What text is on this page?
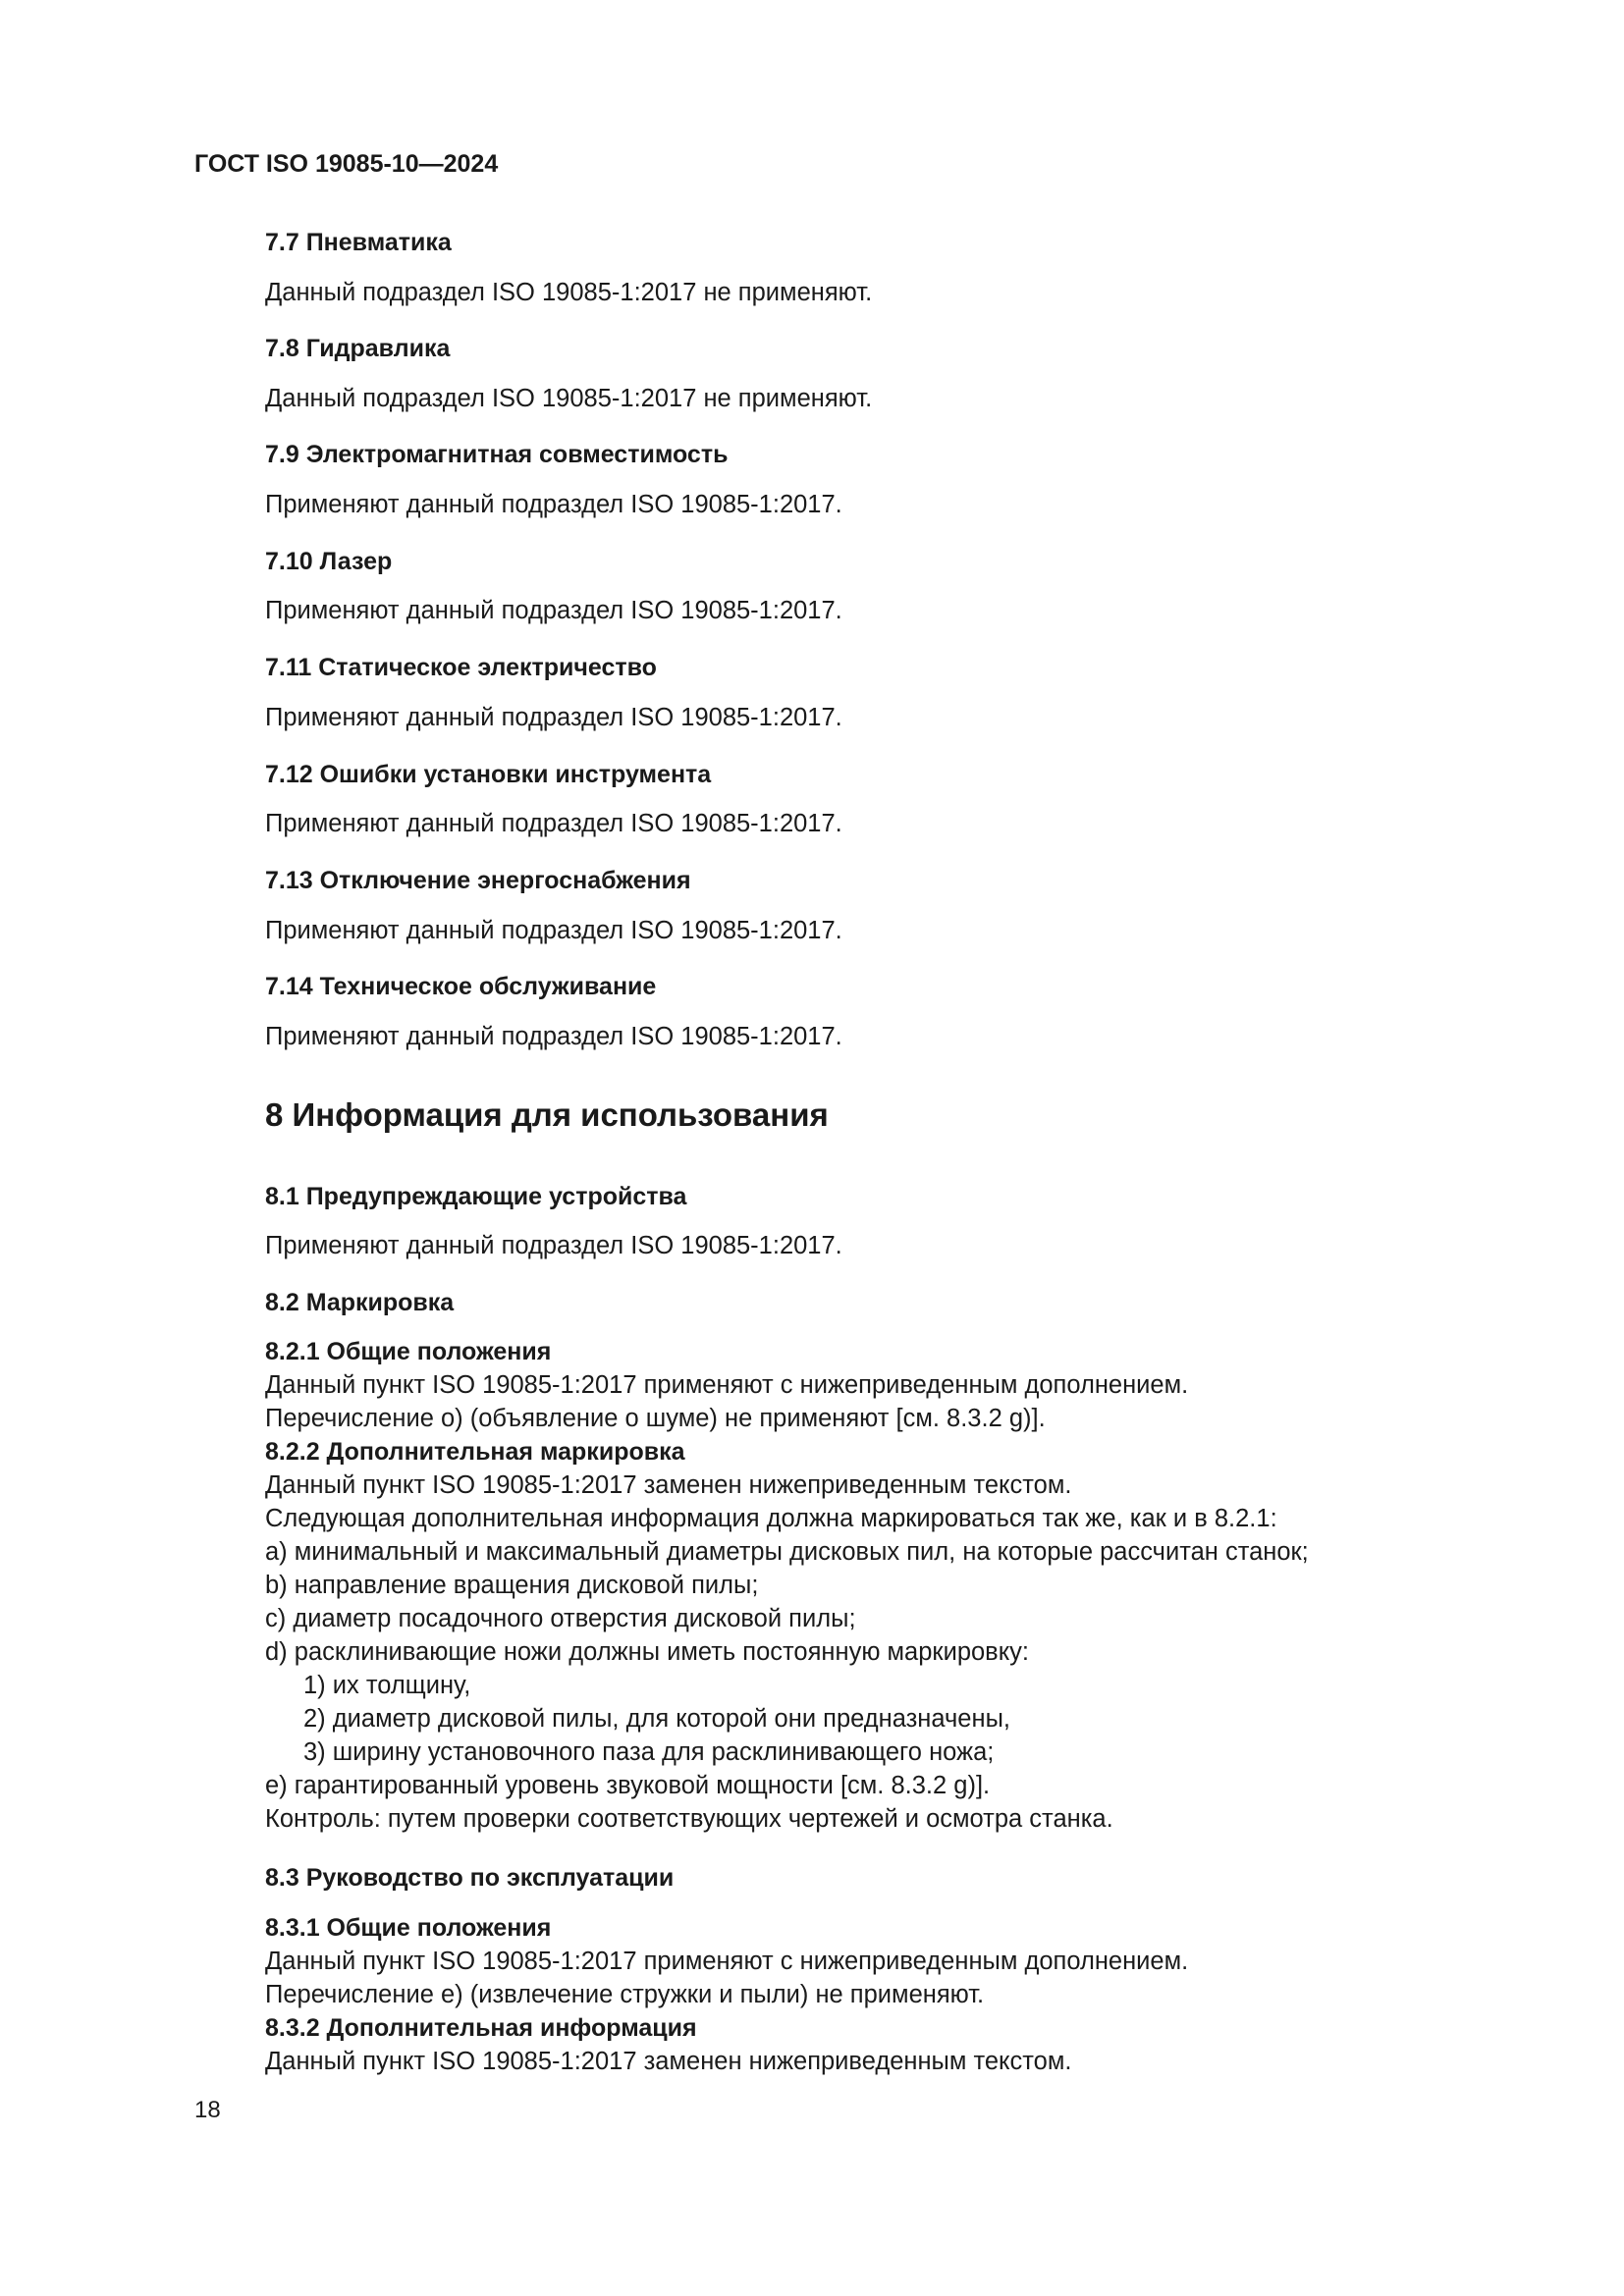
ГОСТ ISO 19085-10—2024
7.7 Пневматика
Данный подраздел ISO 19085-1:2017 не применяют.
7.8 Гидравлика
Данный подраздел ISO 19085-1:2017 не применяют.
7.9 Электромагнитная совместимость
Применяют данный подраздел ISO 19085-1:2017.
7.10 Лазер
Применяют данный подраздел ISO 19085-1:2017.
7.11 Статическое электричество
Применяют данный подраздел ISO 19085-1:2017.
7.12 Ошибки установки инструмента
Применяют данный подраздел ISO 19085-1:2017.
7.13 Отключение энергоснабжения
Применяют данный подраздел ISO 19085-1:2017.
7.14 Техническое обслуживание
Применяют данный подраздел ISO 19085-1:2017.
8 Информация для использования
8.1 Предупреждающие устройства
Применяют данный подраздел ISO 19085-1:2017.
8.2 Маркировка
8.2.1 Общие положения
Данный пункт ISO 19085-1:2017 применяют с нижеприведенным дополнением.
Перечисление о) (объявление о шуме) не применяют [см. 8.3.2 g)].
8.2.2 Дополнительная маркировка
Данный пункт ISO 19085-1:2017 заменен нижеприведенным текстом.
Следующая дополнительная информация должна маркироваться так же, как и в 8.2.1:
a) минимальный и максимальный диаметры дисковых пил, на которые рассчитан станок;
b) направление вращения дисковой пилы;
c) диаметр посадочного отверстия дисковой пилы;
d) расклинивающие ножи должны иметь постоянную маркировку:
1) их толщину,
2) диаметр дисковой пилы, для которой они предназначены,
3) ширину установочного паза для расклинивающего ножа;
e) гарантированный уровень звуковой мощности [см. 8.3.2 g)].
Контроль: путем проверки соответствующих чертежей и осмотра станка.
8.3 Руководство по эксплуатации
8.3.1 Общие положения
Данный пункт ISO 19085-1:2017 применяют с нижеприведенным дополнением.
Перечисление е) (извлечение стружки и пыли) не применяют.
8.3.2 Дополнительная информация
Данный пункт ISO 19085-1:2017 заменен нижеприведенным текстом.
18
